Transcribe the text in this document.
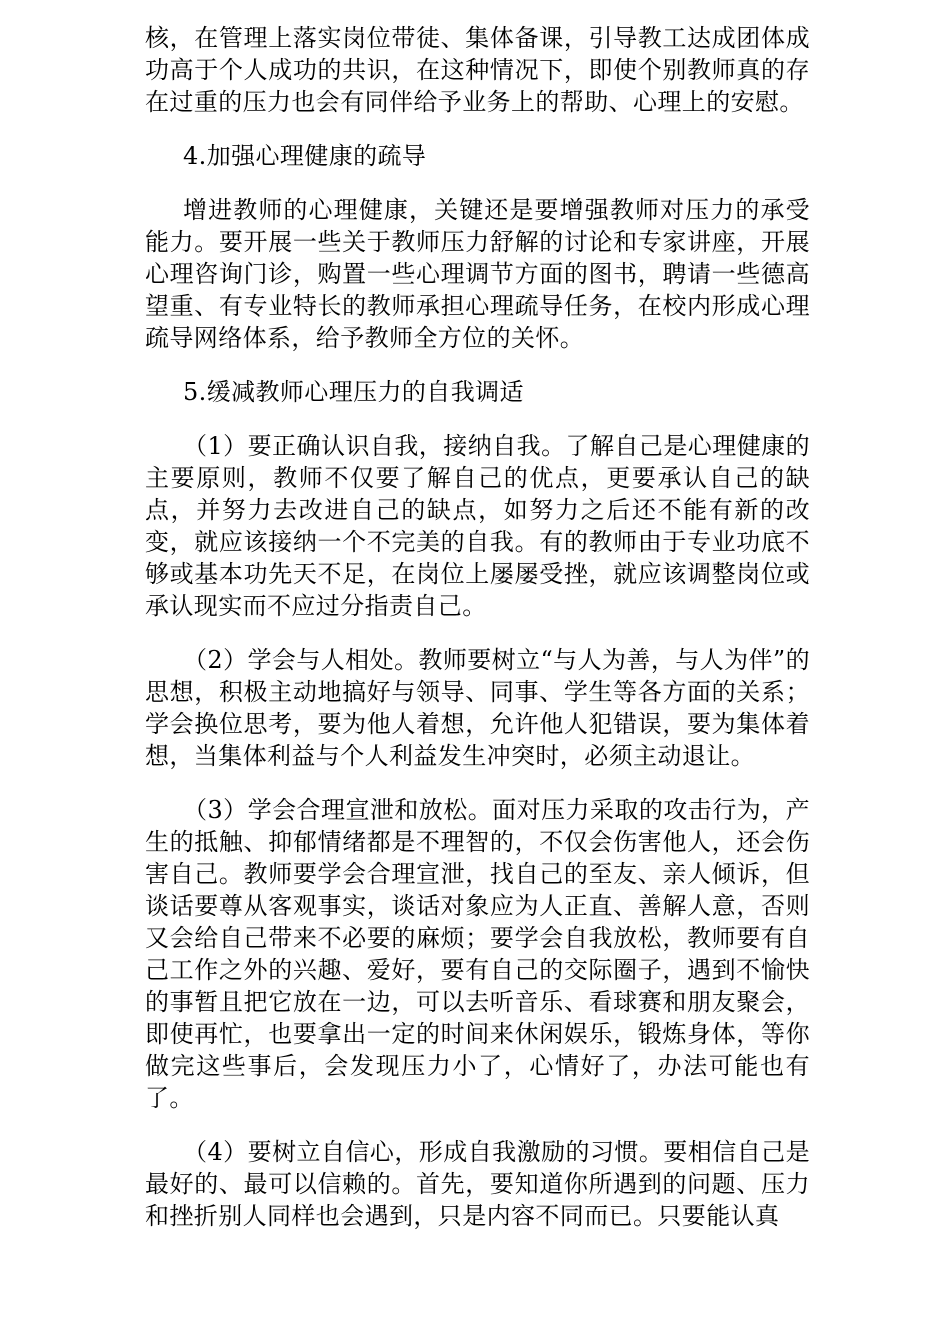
核，在管理上落实岗位带徒、集体备课，引导教工达成团体成功高于个人成功的共识，在这种情况下，即使个别教师真的存在过重的压力也会有同伴给予业务上的帮助、心理上的安慰。

4.加强心理健康的疏导

增进教师的心理健康，关键还是要增强教师对压力的承受能力。要开展一些关于教师压力舒解的讨论和专家讲座，开展心理咨询门诊，购置一些心理调节方面的图书，聘请一些德高望重、有专业特长的教师承担心理疏导任务，在校内形成心理疏导网络体系，给予教师全方位的关怀。

5.缓减教师心理压力的自我调适

（1）要正确认识自我，接纳自我。了解自己是心理健康的主要原则，教师不仅要了解自己的优点，更要承认自己的缺点，并努力去改进自己的缺点，如努力之后还不能有新的改变，就应该接纳一个不完美的自我。有的教师由于专业功底不够或基本功先天不足，在岗位上屡屡受挫，就应该调整岗位或承认现实而不应过分指责自己。

（2）学会与人相处。教师要树立“与人为善，与人为伴”的思想，积极主动地搞好与领导、同事、学生等各方面的关系；学会换位思考，要为他人着想，允许他人犯错误，要为集体着想，当集体利益与个人利益发生冲突时，必须主动退让。

（3）学会合理宣泄和放松。面对压力采取的攻击行为，产生的抵触、抑郁情绪都是不理智的，不仅会伤害他人，还会伤害自己。教师要学会合理宣泄，找自己的至友、亲人倾诉，但谈话要尊从客观事实，谈话对象应为人正直、善解人意，否则又会给自己带来不必要的麻烦；要学会自我放松，教师要有自己工作之外的兴趣、爱好，要有自己的交际圈子，遇到不愉快的事暂且把它放在一边，可以去听音乐、看球赛和朋友聚会，即使再忙，也要拿出一定的时间来休闲娱乐，锻炼身体，等你做完这些事后，会发现压力小了，心情好了，办法可能也有了。

（4）要树立自信心，形成自我激励的习惯。要相信自己是最好的、最可以信赖的。首先，要知道你所遇到的问题、压力和挫折别人同样也会遇到，只是内容不同而已。只要能认真
